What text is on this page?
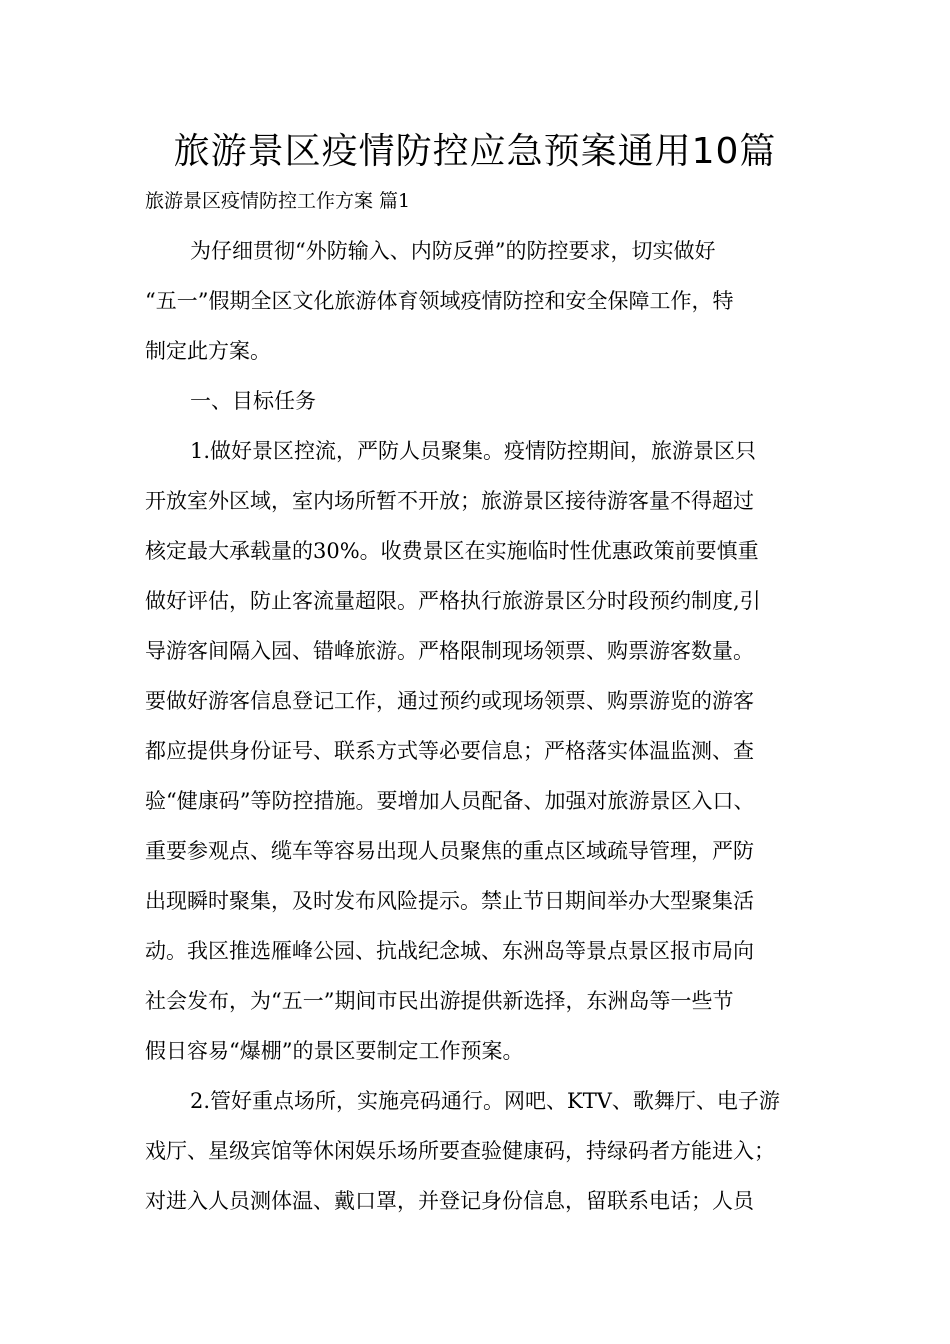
旅游景区疫情防控应急预案通用10篇
旅游景区疫情防控工作方案 篇1
为仔细贯彻“外防输入、内防反弹”的防控要求，切实做好
“五一”假期全区文化旅游体育领域疫情防控和安全保障工作，特
制定此方案。
一、目标任务
1.做好景区控流，严防人员聚集。疫情防控期间，旅游景区只
开放室外区域，室内场所暂不开放；旅游景区接待游客量不得超过
核定最大承载量的30%。收费景区在实施临时性优惠政策前要慎重
做好评估，防止客流量超限。严格执行旅游景区分时段预约制度,引
导游客间隔入园、错峰旅游。严格限制现场领票、购票游客数量。
要做好游客信息登记工作，通过预约或现场领票、购票游览的游客
都应提供身份证号、联系方式等必要信息；严格落实体温监测、查
验“健康码”等防控措施。要增加人员配备、加强对旅游景区入口、
重要参观点、缆车等容易出现人员聚焦的重点区域疏导管理，严防
出现瞬时聚集，及时发布风险提示。禁止节日期间举办大型聚集活
动。我区推选雁峰公园、抗战纪念城、东洲岛等景点景区报市局向
社会发布，为“五一”期间市民出游提供新选择，东洲岛等一些节
假日容易“爆棚”的景区要制定工作预案。
2.管好重点场所，实施亮码通行。网吧、KTV、歌舞厅、电子游
戏厅、星级宾馆等休闲娱乐场所要查验健康码，持绿码者方能进入；
对进入人员测体温、戴口罩，并登记身份信息，留联系电话；人员
